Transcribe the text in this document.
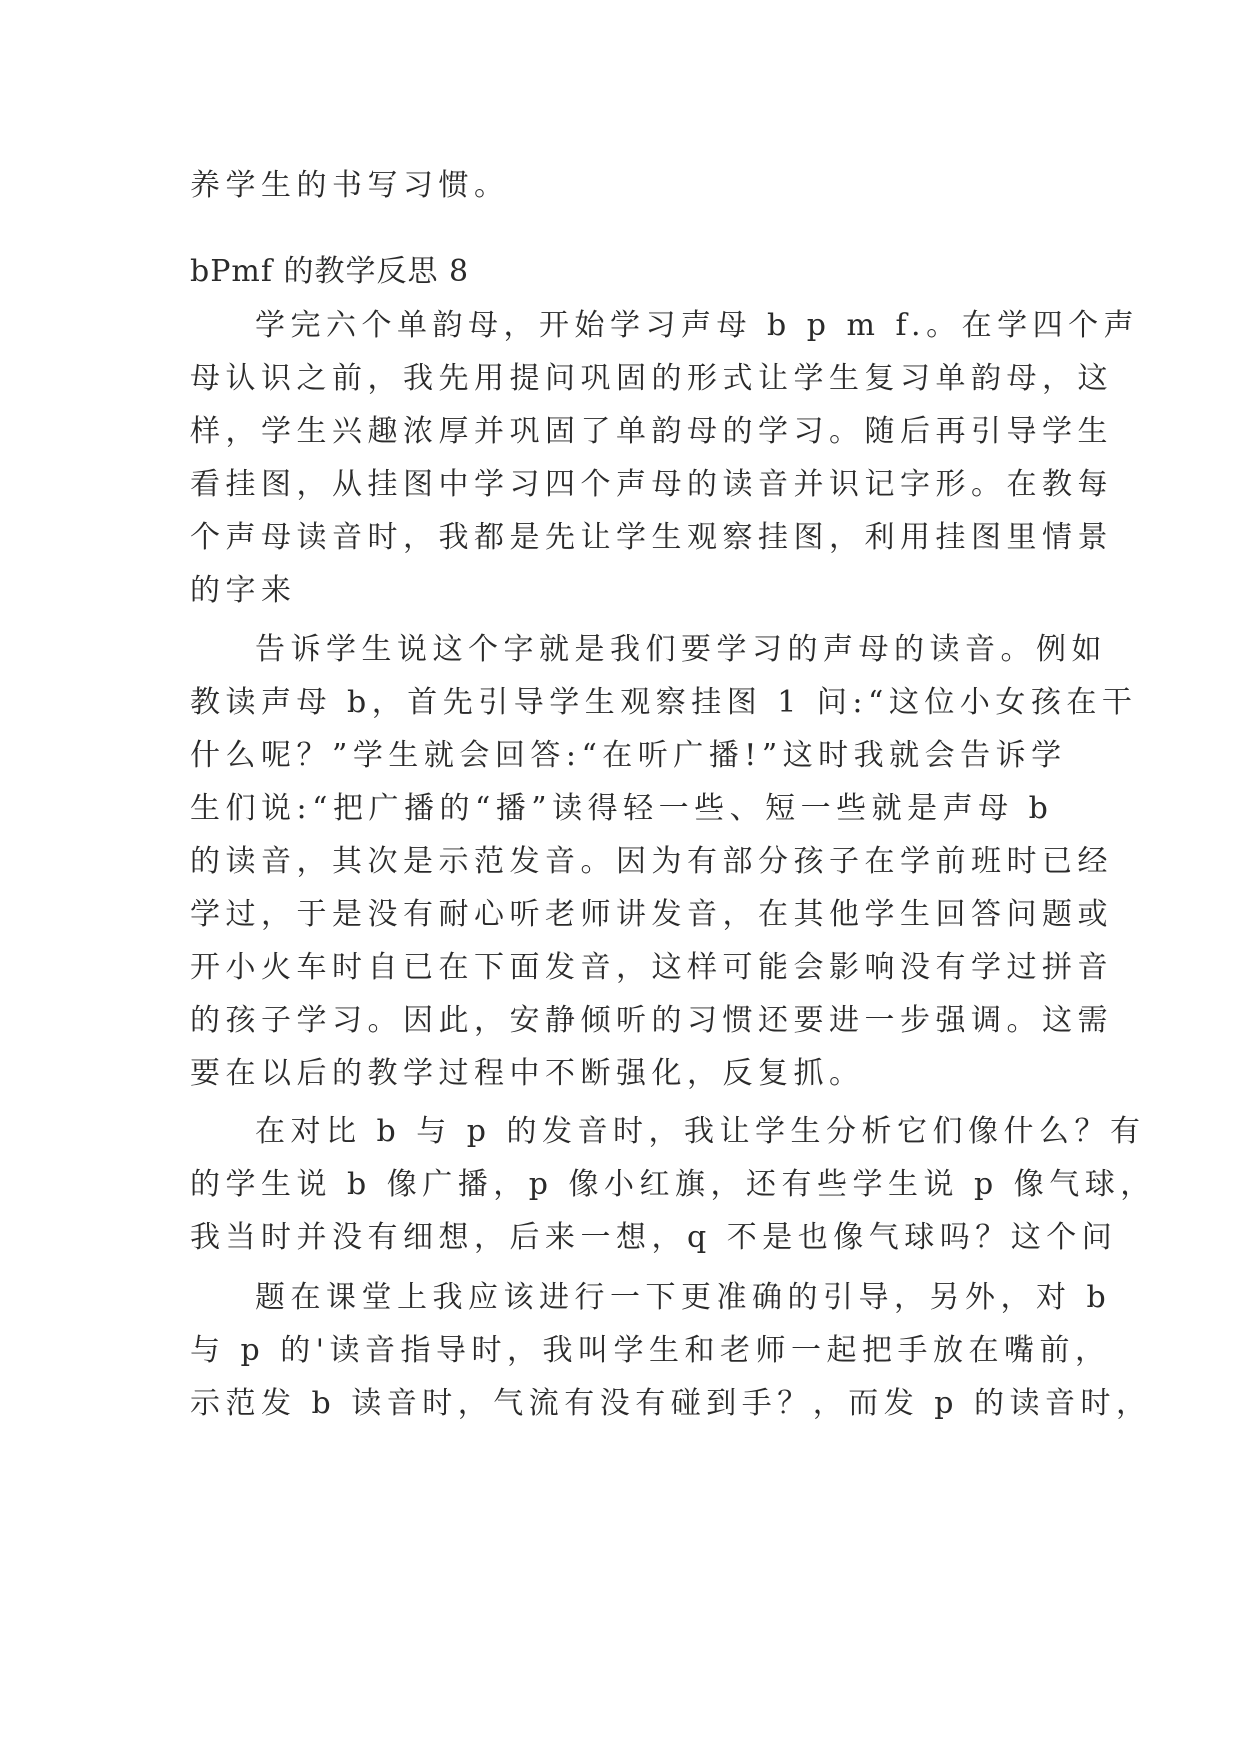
养学生的书写习惯。
bPmf 的教学反思 8
学完六个单韵母，开始学习声母 b p m f.。在学四个声
母认识之前，我先用提问巩固的形式让学生复习单韵母，这
样，学生兴趣浓厚并巩固了单韵母的学习。随后再引导学生
看挂图，从挂图中学习四个声母的读音并识记字形。在教每
个声母读音时，我都是先让学生观察挂图，利用挂图里情景
的字来
告诉学生说这个字就是我们要学习的声母的读音。例如
教读声母 b，首先引导学生观察挂图 1 问:“这位小女孩在干
什么呢？”学生就会回答:“在听广播!”这时我就会告诉学
生们说:“把广播的“播”读得轻一些、短一些就是声母 b
的读音，其次是示范发音。因为有部分孩子在学前班时已经
学过，于是没有耐心听老师讲发音，在其他学生回答问题或
开小火车时自已在下面发音，这样可能会影响没有学过拼音
的孩子学习。因此，安静倾听的习惯还要进一步强调。这需
要在以后的教学过程中不断强化，反复抓。
在对比 b 与 p 的发音时，我让学生分析它们像什么？有
的学生说 b 像广播，p 像小红旗，还有些学生说 p 像气球，
我当时并没有细想，后来一想，q 不是也像气球吗？这个问
题在课堂上我应该进行一下更准确的引导，另外，对 b
与 p 的'读音指导时，我叫学生和老师一起把手放在嘴前，
示范发 b 读音时，气流有没有碰到手？，而发 p 的读音时，
